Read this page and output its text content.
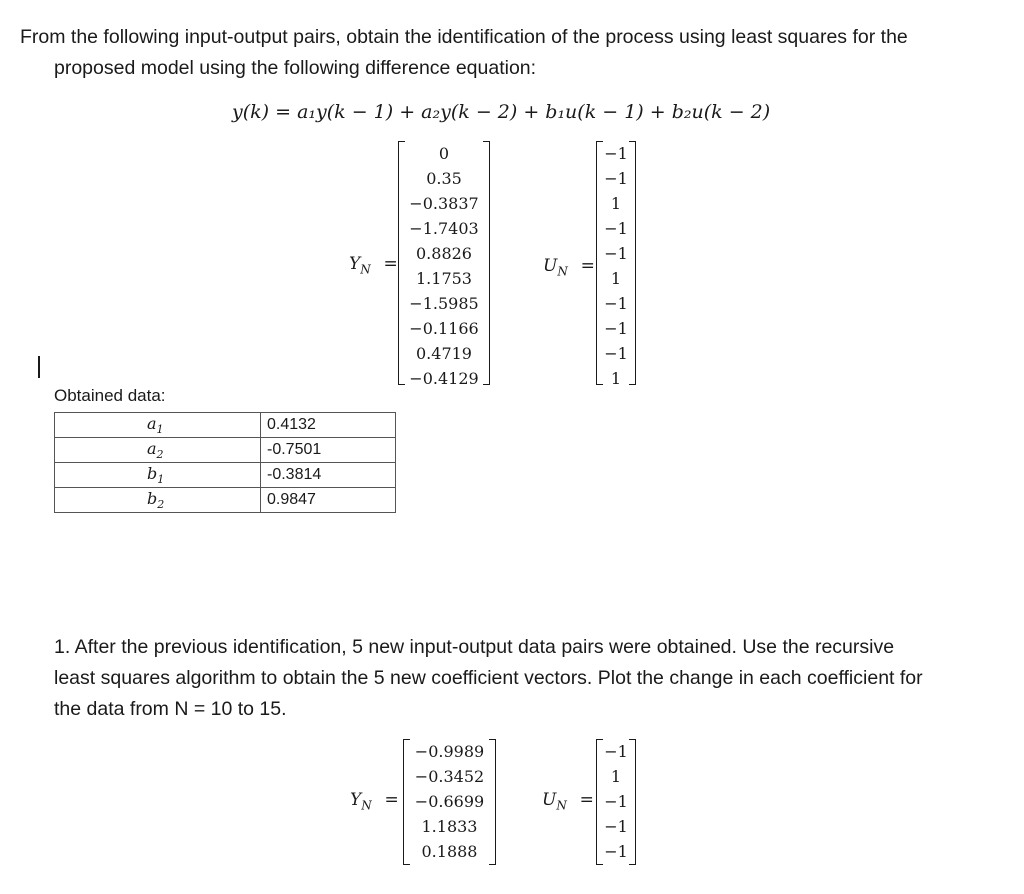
From the following input-output pairs, obtain the identification of the process using least squares for the
proposed model using the following difference equation:
y(k) = a₁y(k − 1) + a₂y(k − 2) + b₁u(k − 1) + b₂u(k − 2)
$Y_N$ =
0
0.35
−0.3837
−1.7403
0.8826
1.1753
−1.5985
−0.1166
0.4719
−0.4129
$U_N$ =
−1
−1
1
−1
−1
1
−1
−1
−1
1
Obtained data:
$a_1$	0.4132
$a_2$	-0.7501
$b_1$	-0.3814
$b_2$	0.9847
1. After the previous identification, 5 new input-output data pairs were obtained. Use the recursive
least squares algorithm to obtain the 5 new coefficient vectors. Plot the change in each coefficient for
the data from N = 10 to 15.
$Y_N$ =
−0.9989
−0.3452
−0.6699
1.1833
0.1888
$U_N$ =
−1
1
−1
−1
−1
